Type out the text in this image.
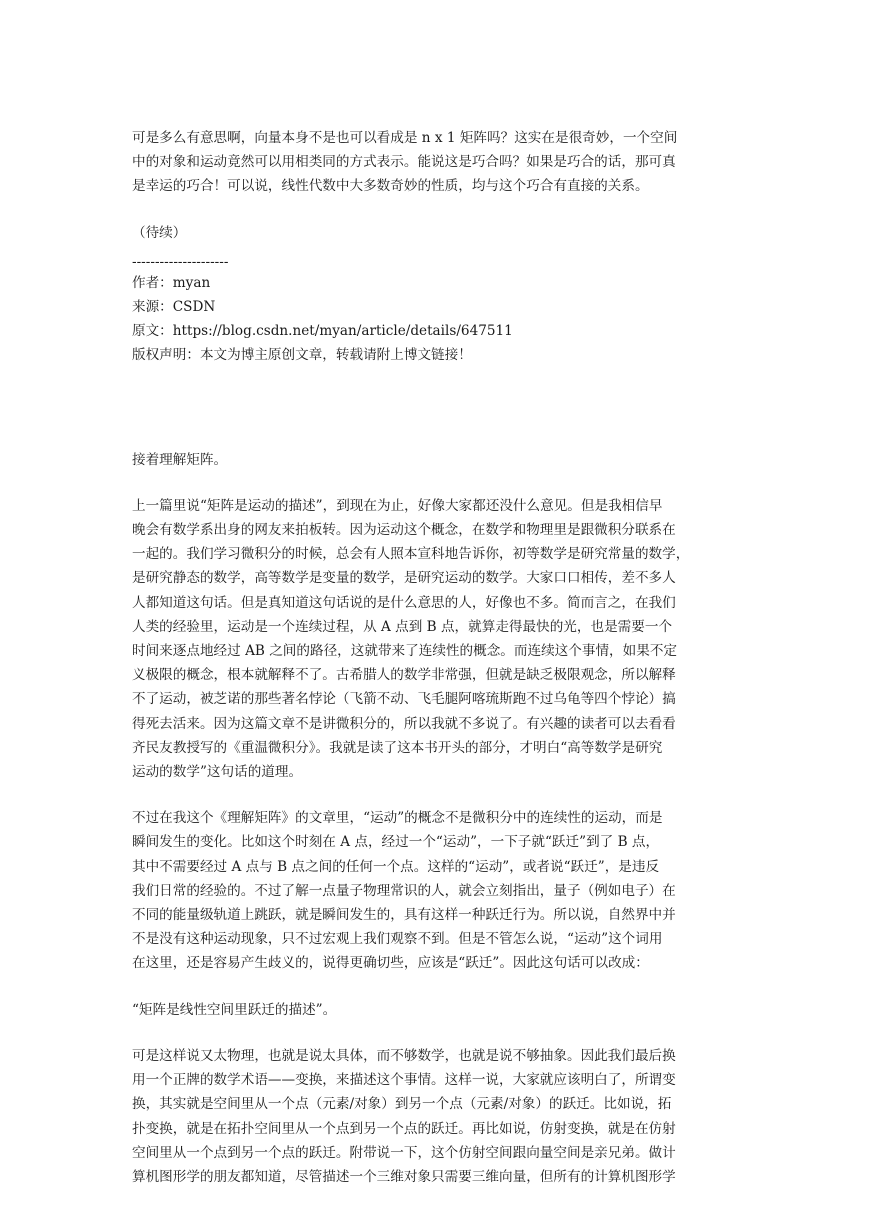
可是多么有意思啊，向量本身不是也可以看成是 n x 1 矩阵吗？这实在是很奇妙，一个空间
中的对象和运动竟然可以用相类同的方式表示。能说这是巧合吗？如果是巧合的话，那可真
是幸运的巧合！可以说，线性代数中大多数奇妙的性质，均与这个巧合有直接的关系。
（待续）
---------------------
作者：myan
来源：CSDN
原文：https://blog.csdn.net/myan/article/details/647511
版权声明：本文为博主原创文章，转载请附上博文链接！
接着理解矩阵。
上一篇里说“矩阵是运动的描述”，到现在为止，好像大家都还没什么意见。但是我相信早
晚会有数学系出身的网友来拍板转。因为运动这个概念，在数学和物理里是跟微积分联系在
一起的。我们学习微积分的时候，总会有人照本宣科地告诉你，初等数学是研究常量的数学，
是研究静态的数学，高等数学是变量的数学，是研究运动的数学。大家口口相传，差不多人
人都知道这句话。但是真知道这句话说的是什么意思的人，好像也不多。简而言之，在我们
人类的经验里，运动是一个连续过程，从 A 点到 B 点，就算走得最快的光，也是需要一个
时间来逐点地经过 AB 之间的路径，这就带来了连续性的概念。而连续这个事情，如果不定
义极限的概念，根本就解释不了。古希腊人的数学非常强，但就是缺乏极限观念，所以解释
不了运动，被芝诺的那些著名悖论（飞箭不动、飞毛腿阿喀琉斯跑不过乌龟等四个悖论）搞
得死去活来。因为这篇文章不是讲微积分的，所以我就不多说了。有兴趣的读者可以去看看
齐民友教授写的《重温微积分》。我就是读了这本书开头的部分，才明白“高等数学是研究
运动的数学”这句话的道理。
不过在我这个《理解矩阵》的文章里，“运动”的概念不是微积分中的连续性的运动，而是
瞬间发生的变化。比如这个时刻在 A 点，经过一个“运动”，一下子就“跃迁”到了 B 点，
其中不需要经过 A 点与 B 点之间的任何一个点。这样的“运动”，或者说“跃迁”，是违反
我们日常的经验的。不过了解一点量子物理常识的人，就会立刻指出，量子（例如电子）在
不同的能量级轨道上跳跃，就是瞬间发生的，具有这样一种跃迁行为。所以说，自然界中并
不是没有这种运动现象，只不过宏观上我们观察不到。但是不管怎么说，“运动”这个词用
在这里，还是容易产生歧义的，说得更确切些，应该是“跃迁”。因此这句话可以改成：
“矩阵是线性空间里跃迁的描述”。
可是这样说又太物理，也就是说太具体，而不够数学，也就是说不够抽象。因此我们最后换
用一个正牌的数学术语——变换，来描述这个事情。这样一说，大家就应该明白了，所谓变
换，其实就是空间里从一个点（元素/对象）到另一个点（元素/对象）的跃迁。比如说，拓
扑变换，就是在拓扑空间里从一个点到另一个点的跃迁。再比如说，仿射变换，就是在仿射
空间里从一个点到另一个点的跃迁。附带说一下，这个仿射空间跟向量空间是亲兄弟。做计
算机图形学的朋友都知道，尽管描述一个三维对象只需要三维向量，但所有的计算机图形学
